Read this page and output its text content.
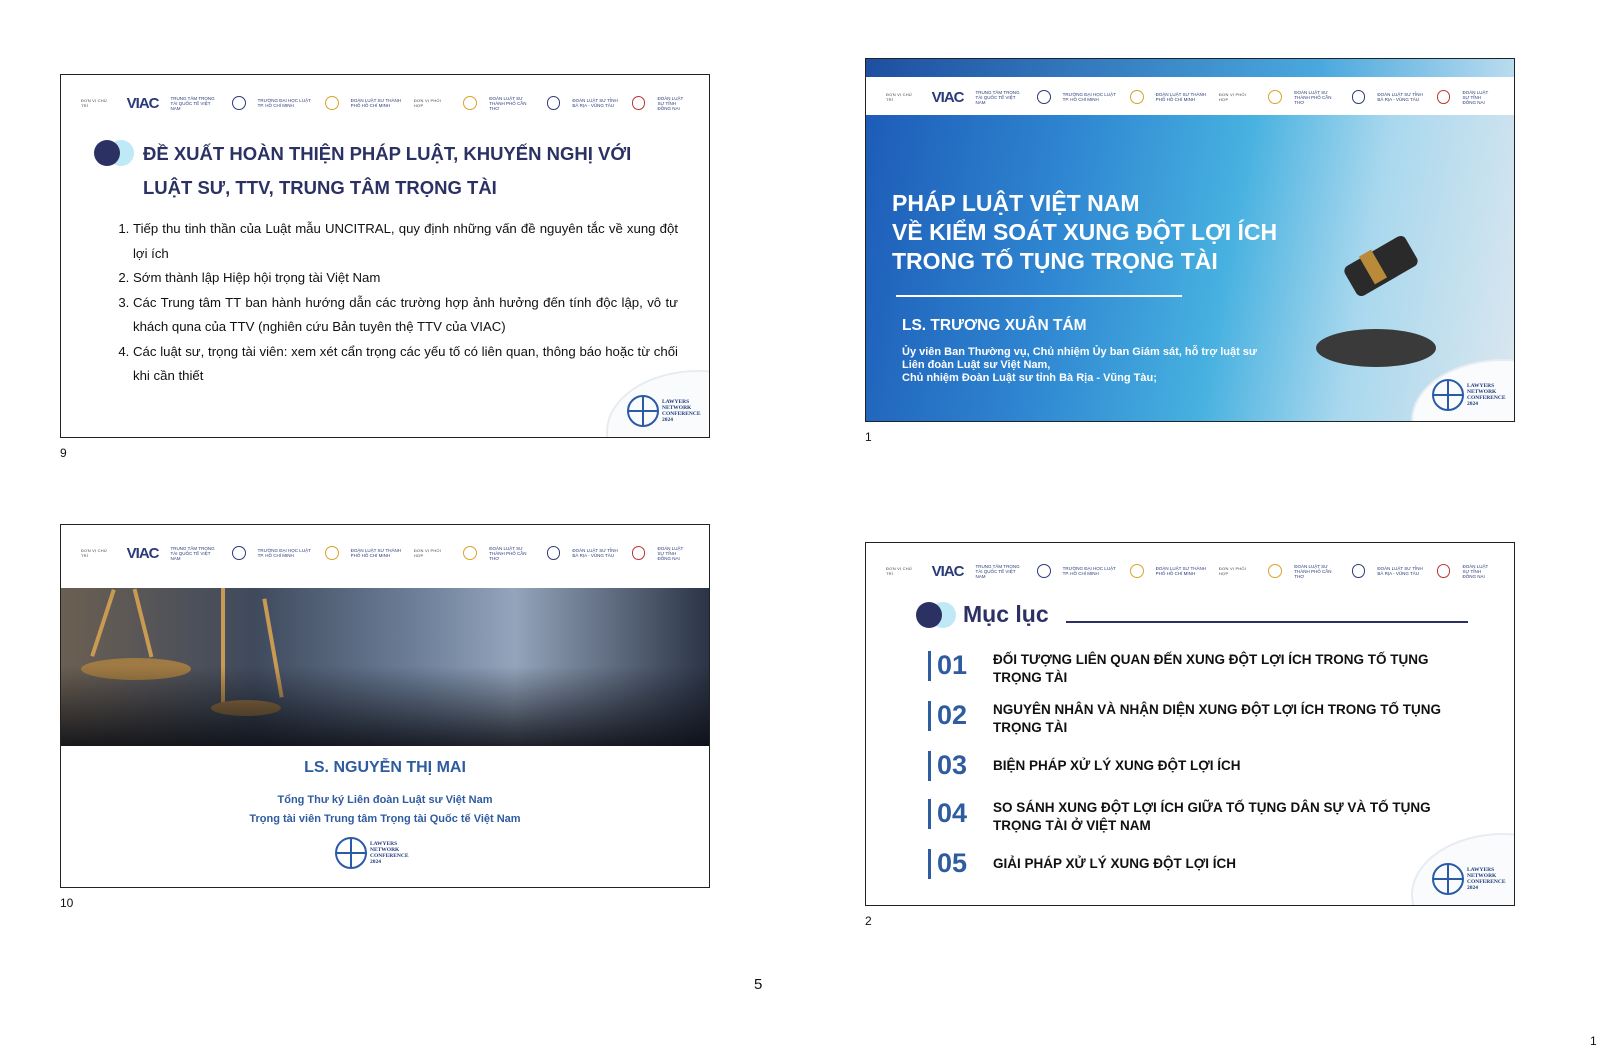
ĐƠN VỊ CHỦ TRÌ	VIAC	TRUNG TÂM TRỌNG TÀI QUỐC TẾ VIỆT NAM
TRƯỜNG ĐẠI HỌC LUẬT TP. HỒ CHÍ MINH
ĐOÀN LUẬT SƯ THÀNH PHỐ HỒ CHÍ MINH
ĐƠN VỊ PHỐI HỢP
ĐOÀN LUẬT SƯ THÀNH PHỐ CẦN THƠ
ĐOÀN LUẬT SƯ TỈNH BÀ RỊA - VŨNG TÀU
ĐOÀN LUẬT SƯ TỈNH ĐỒNG NAI
ĐỀ XUẤT HOÀN THIỆN PHÁP LUẬT, KHUYẾN NGHỊ VỚI
LUẬT SƯ, TTV, TRUNG TÂM TRỌNG TÀI
1. Tiếp thu tinh thần của Luật mẫu UNCITRAL, quy định những vấn đề nguyên tắc về xung đột lợi ích
2. Sớm thành lập Hiệp hội trọng tài Việt Nam
3. Các Trung tâm TT ban hành hướng dẫn các trường hợp ảnh hưởng đến tính độc lập, vô tư khách quna của TTV (nghiên cứu Bản tuyên thệ TTV của VIAC)
4. Các luật sư, trọng tài viên: xem xét cẩn trọng các yếu tố có liên quan, thông báo hoặc từ chối khi cần thiết
LAWYERS
NETWORK
CONFERENCE
2024
9
ĐƠN VỊ CHỦ TRÌ	VIAC	TRUNG TÂM TRỌNG TÀI QUỐC TẾ VIỆT NAM
TRƯỜNG ĐẠI HỌC LUẬT TP. HỒ CHÍ MINH
ĐOÀN LUẬT SƯ THÀNH PHỐ HỒ CHÍ MINH
ĐƠN VỊ PHỐI HỢP
ĐOÀN LUẬT SƯ THÀNH PHỐ CẦN THƠ
ĐOÀN LUẬT SƯ TỈNH BÀ RỊA - VŨNG TÀU
ĐOÀN LUẬT SƯ TỈNH ĐỒNG NAI
PHÁP LUẬT VIỆT NAM
VỀ KIỂM SOÁT XUNG ĐỘT LỢI ÍCH
TRONG TỐ TỤNG TRỌNG TÀI
LS. TRƯƠNG XUÂN TÁM
Ủy viên Ban Thường vụ, Chủ nhiệm Ủy ban Giám sát, hỗ trợ luật sư
Liên đoàn Luật sư Việt Nam,
Chủ nhiệm Đoàn Luật sư tỉnh Bà Rịa - Vũng Tàu;
LAWYERS
NETWORK
CONFERENCE
2024
1
ĐƠN VỊ CHỦ TRÌ	VIAC	TRUNG TÂM TRỌNG TÀI QUỐC TẾ VIỆT NAM
TRƯỜNG ĐẠI HỌC LUẬT TP. HỒ CHÍ MINH
ĐOÀN LUẬT SƯ THÀNH PHỐ HỒ CHÍ MINH
ĐƠN VỊ PHỐI HỢP
ĐOÀN LUẬT SƯ THÀNH PHỐ CẦN THƠ
ĐOÀN LUẬT SƯ TỈNH BÀ RỊA - VŨNG TÀU
ĐOÀN LUẬT SƯ TỈNH ĐỒNG NAI
LS. NGUYỄN THỊ MAI
Tổng Thư ký Liên đoàn Luật sư Việt Nam
Trọng tài viên Trung tâm Trọng tài Quốc tế Việt Nam
LAWYERS
NETWORK
CONFERENCE
2024
10
ĐƠN VỊ CHỦ TRÌ	VIAC	TRUNG TÂM TRỌNG TÀI QUỐC TẾ VIỆT NAM
TRƯỜNG ĐẠI HỌC LUẬT TP. HỒ CHÍ MINH
ĐOÀN LUẬT SƯ THÀNH PHỐ HỒ CHÍ MINH
ĐƠN VỊ PHỐI HỢP
ĐOÀN LUẬT SƯ THÀNH PHỐ CẦN THƠ
ĐOÀN LUẬT SƯ TỈNH BÀ RỊA - VŨNG TÀU
ĐOÀN LUẬT SƯ TỈNH ĐỒNG NAI
Mục lục
01	ĐỐI TƯỢNG LIÊN QUAN ĐẾN XUNG ĐỘT LỢI ÍCH TRONG TỐ TỤNG TRỌNG TÀI
02	NGUYÊN NHÂN VÀ NHẬN DIỆN XUNG ĐỘT LỢI ÍCH TRONG TỐ TỤNG TRỌNG TÀI
03	BIỆN PHÁP XỬ LÝ XUNG ĐỘT LỢI ÍCH
04	SO SÁNH XUNG ĐỘT LỢI ÍCH GIỮA TỐ TỤNG DÂN SỰ VÀ TỐ TỤNG TRỌNG TÀI Ở VIỆT NAM
05	GIẢI PHÁP XỬ LÝ XUNG ĐỘT LỢI ÍCH	LAWYERS
NETWORK
CONFERENCE
2024
2
5
1
